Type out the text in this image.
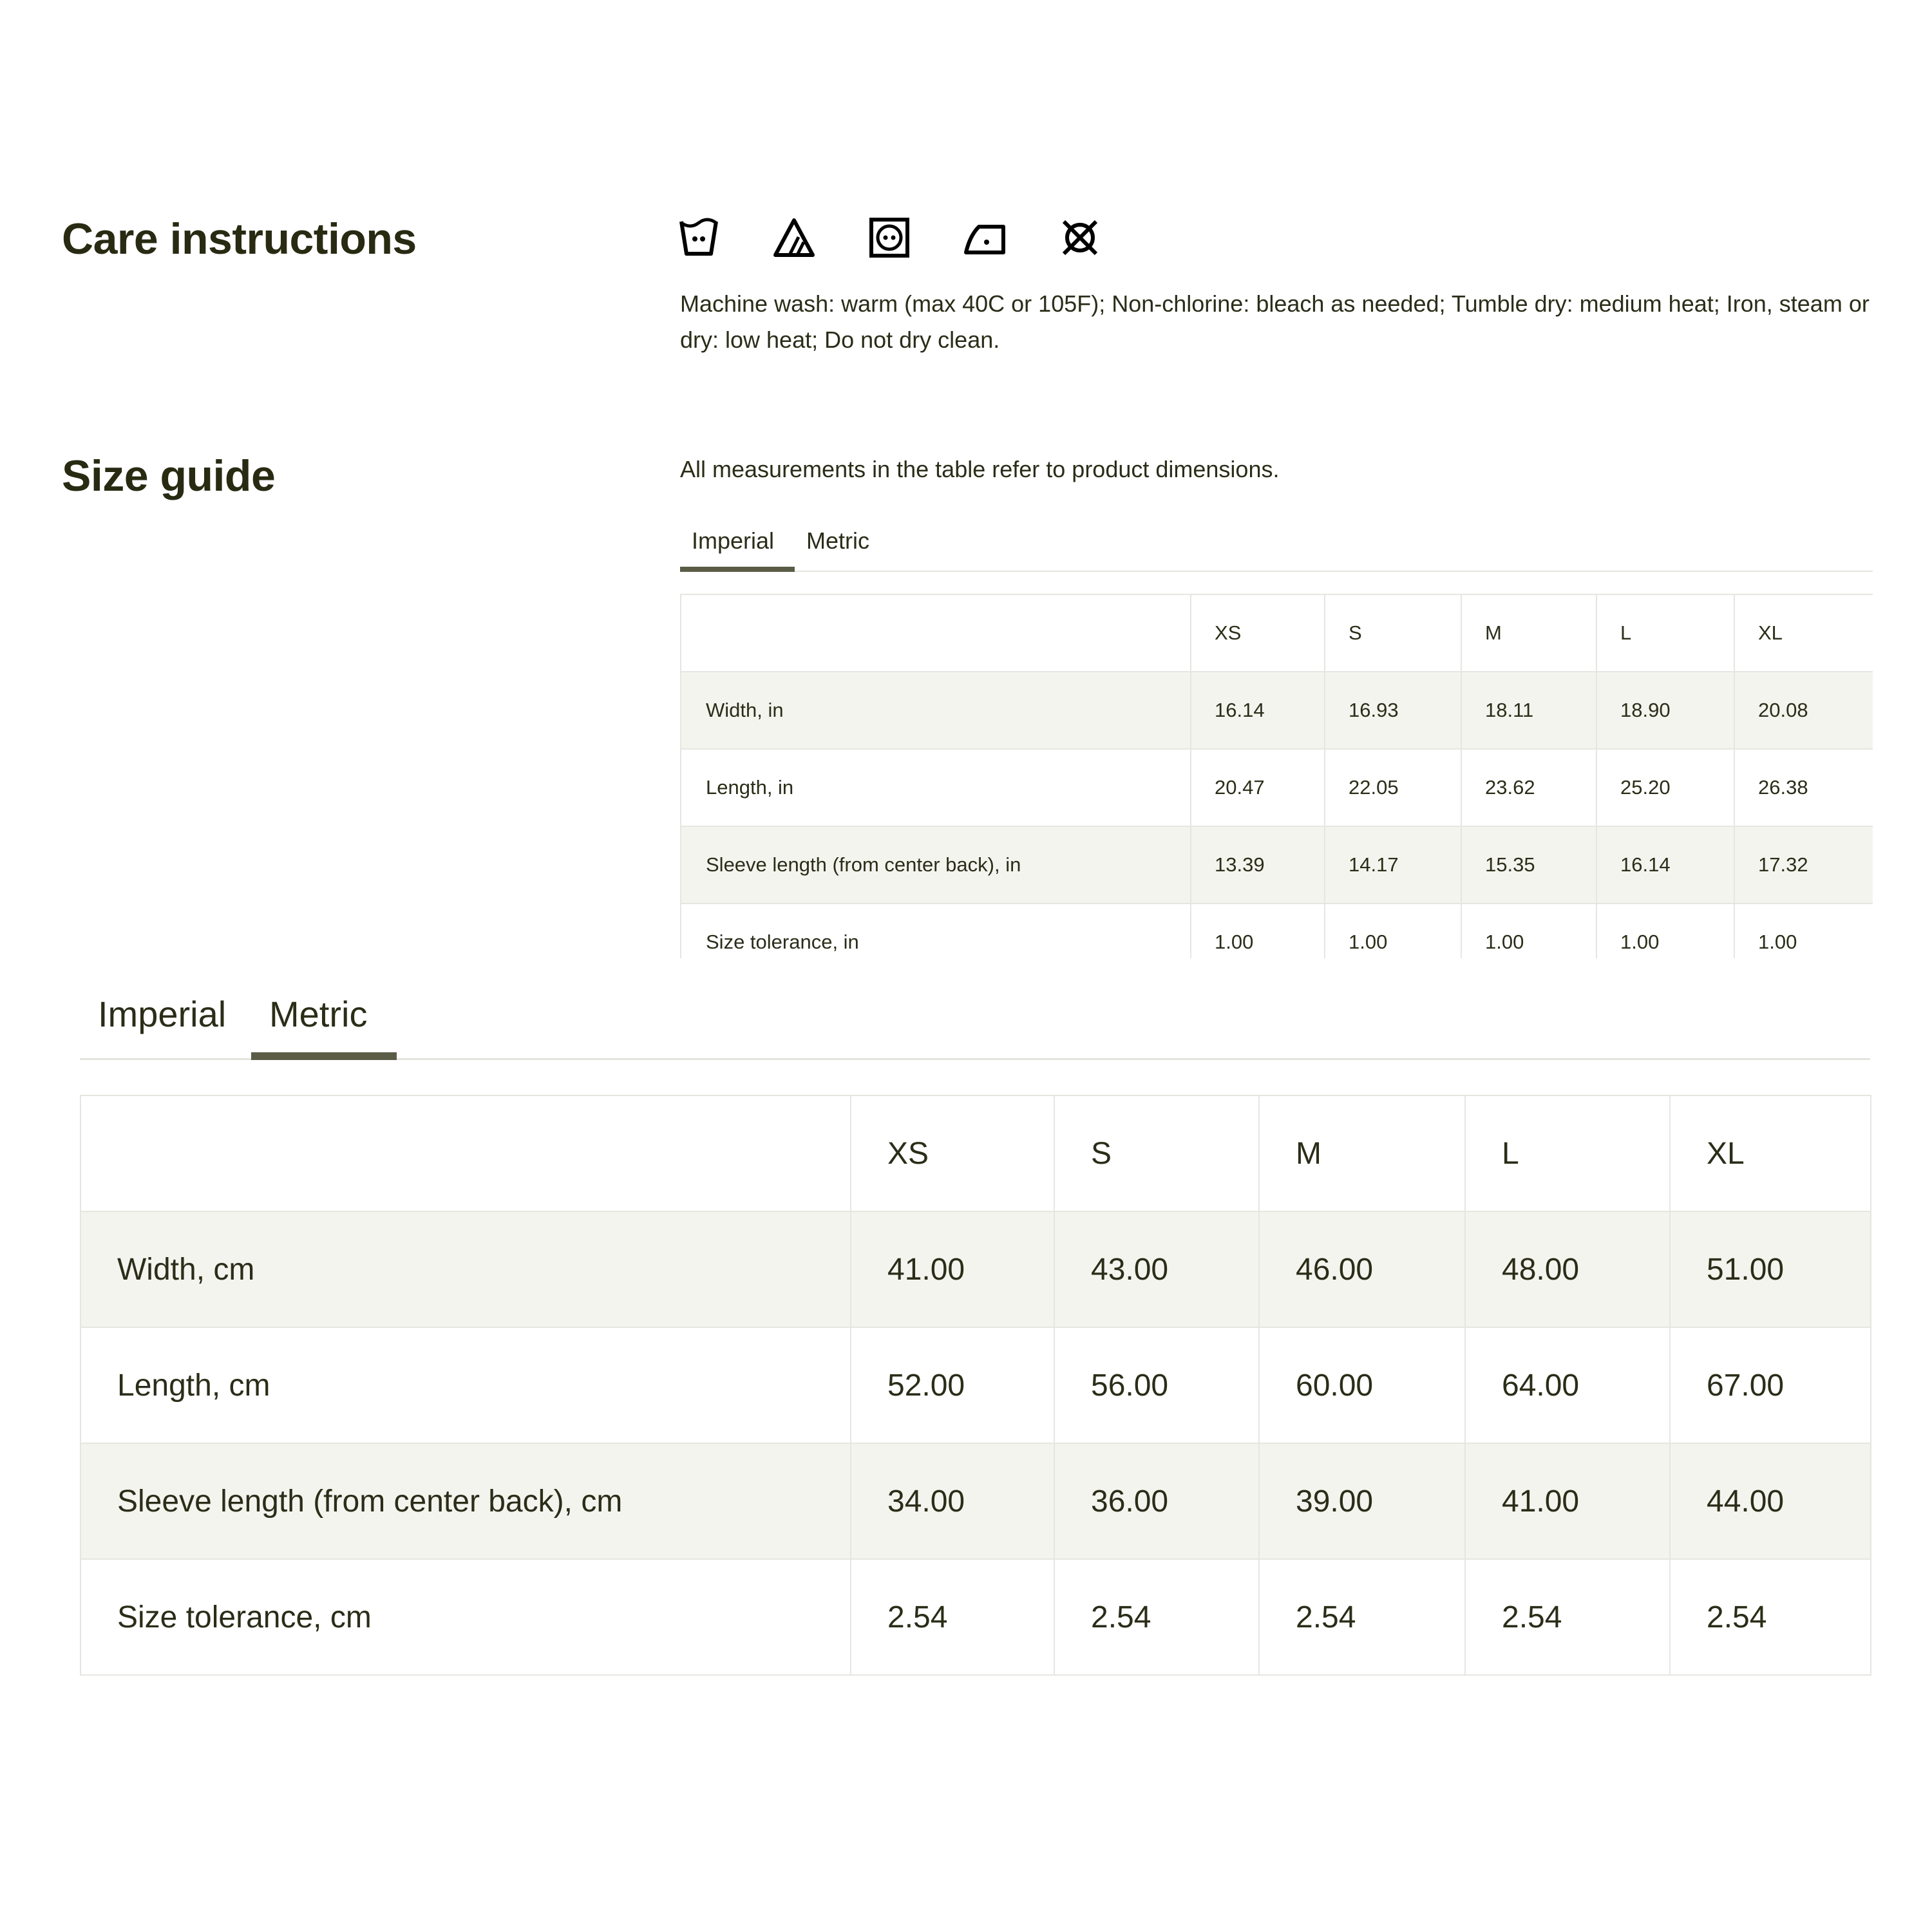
Care instructions

Machine wash: warm (max 40C or 105F); Non-chlorine: bleach as needed; Tumble dry: medium heat; Iron, steam or dry: low heat; Do not dry clean.

Size guide	All measurements in the table refer to product dimensions.

Imperial	Metric
	XS	S	M	L	XL
Width, in	16.14	16.93	18.11	18.90	20.08
Length, in	20.47	22.05	23.62	25.20	26.38
Sleeve length (from center back), in	13.39	14.17	15.35	16.14	17.32
Size tolerance, in	1.00	1.00	1.00	1.00	1.00
Imperial	Metric
	XS	S	M	L	XL
Width, cm	41.00	43.00	46.00	48.00	51.00
Length, cm	52.00	56.00	60.00	64.00	67.00
Sleeve length (from center back), cm	34.00	36.00	39.00	41.00	44.00
Size tolerance, cm	2.54	2.54	2.54	2.54	2.54
